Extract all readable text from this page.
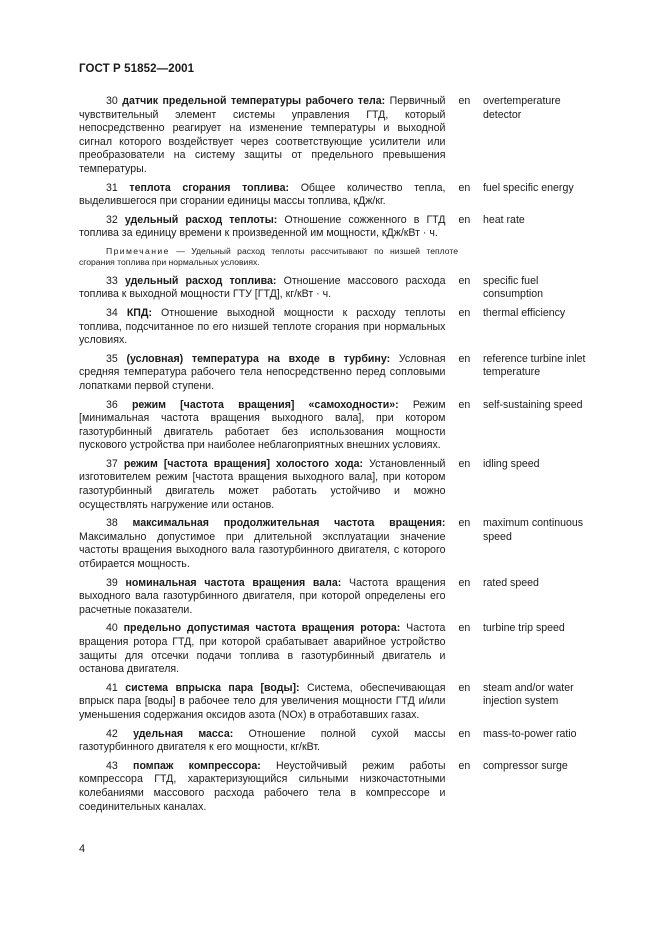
ГОСТ Р 51852—2001
30 датчик предельной температуры рабочего тела: Первичный чувствительный элемент системы управления ГТД, который непосредственно реагирует на изменение температуры и выходной сигнал которого воздействует через соответствующие усилители или преобразователи на систему защиты от предельного превышения температуры.
en overtemperature detector
31 теплота сгорания топлива: Общее количество тепла, выделившегося при сгорании единицы массы топлива, кДж/кг.
en fuel specific energy
32 удельный расход теплоты: Отношение сожженного в ГТД топлива за единицу времени к произведенной им мощности, кДж/кВт · ч.
en heat rate
Примечание — Удельный расход теплоты рассчитывают по низшей теплоте сгорания топлива при нормальных условиях.
33 удельный расход топлива: Отношение массового расхода топлива к выходной мощности ГТУ [ГТД], кг/кВт · ч.
en specific fuel consumption
34 КПД: Отношение выходной мощности к расходу теплоты топлива, подсчитанное по его низшей теплоте сгорания при нормальных условиях.
en thermal efficiency
35 (условная) температура на входе в турбину: Условная средняя температура рабочего тела непосредственно перед сопловыми лопатками первой ступени.
en reference turbine inlet temperature
36 режим [частота вращения] «самоходности»: Режим [минимальная частота вращения выходного вала], при котором газотурбинный двигатель работает без использования мощности пускового устройства при наиболее неблагоприятных внешних условиях.
en self-sustaining speed
37 режим [частота вращения] холостого хода: Установленный изготовителем режим [частота вращения выходного вала], при котором газотурбинный двигатель может работать устойчиво и можно осуществлять нагружение или останов.
en idling speed
38 максимальная продолжительная частота вращения: Максимально допустимое при длительной эксплуатации значение частоты вращения выходного вала газотурбинного двигателя, с которого отбирается мощность.
en maximum continuous speed
39 номинальная частота вращения вала: Частота вращения выходного вала газотурбинного двигателя, при которой определены его расчетные показатели.
en rated speed
40 предельно допустимая частота вращения ротора: Частота вращения ротора ГТД, при которой срабатывает аварийное устройство защиты для отсечки подачи топлива в газотурбинный двигатель и останова двигателя.
en turbine trip speed
41 система впрыска пара [воды]: Система, обеспечивающая впрыск пара [воды] в рабочее тело для увеличения мощности ГТД и/или уменьшения содержания оксидов азота (NOx) в отработавших газах.
en steam and/or water injection system
42 удельная масса: Отношение полной сухой массы газотурбинного двигателя к его мощности, кг/кВт.
en mass-to-power ratio
43 помпаж компрессора: Неустойчивый режим работы компрессора ГТД, характеризующийся сильными низкочастотными колебаниями массового расхода рабочего тела в компрессоре и соединительных каналах.
en compressor surge
4
